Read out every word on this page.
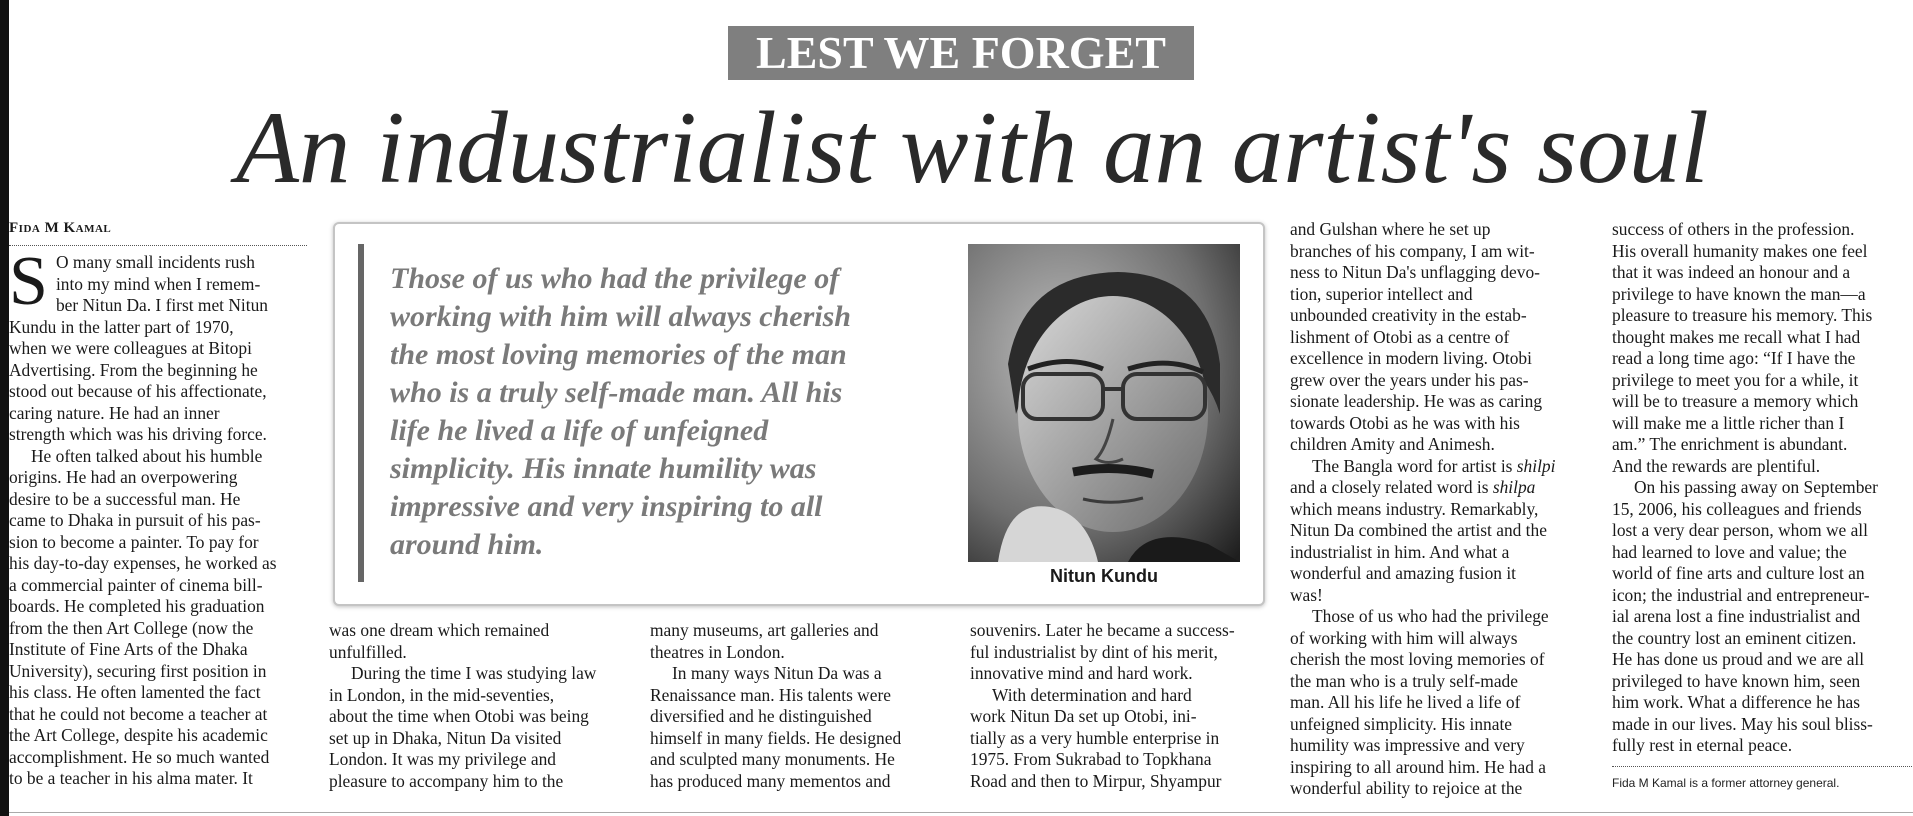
LEST WE FORGET
An industrialist with an artist's soul
Fida M Kamal
S O many small incidents rush
into my mind when I remem-
ber Nitun Da. I first met Nitun
Kundu in the latter part of 1970,
when we were colleagues at Bitopi
Advertising. From the beginning he
stood out because of his affectionate,
caring nature. He had an inner
strength which was his driving force.
He often talked about his humble
origins. He had an overpowering
desire to be a successful man. He
came to Dhaka in pursuit of his pas-
sion to become a painter. To pay for
his day-to-day expenses, he worked as
a commercial painter of cinema bill-
boards. He completed his graduation
from the then Art College (now the
Institute of Fine Arts of the Dhaka
University), securing first position in
his class. He often lamented the fact
that he could not become a teacher at
the Art College, despite his academic
accomplishment. He so much wanted
to be a teacher in his alma mater. It
Those of us who had the privilege of
working with him will always cherish
the most loving memories of the man
who is a truly self-made man. All his
life he lived a life of unfeigned
simplicity. His innate humility was
impressive and very inspiring to all
around him.
Nitun Kundu
was one dream which remained
unfulfilled.
During the time I was studying law
in London, in the mid-seventies,
about the time when Otobi was being
set up in Dhaka, Nitun Da visited
London. It was my privilege and
pleasure to accompany him to the
many museums, art galleries and
theatres in London.
In many ways Nitun Da was a
Renaissance man. His talents were
diversified and he distinguished
himself in many fields. He designed
and sculpted many monuments. He
has produced many mementos and
souvenirs. Later he became a success-
ful industrialist by dint of his merit,
innovative mind and hard work.
With determination and hard
work Nitun Da set up Otobi, ini-
tially as a very humble enterprise in
1975. From Sukrabad to Topkhana
Road and then to Mirpur, Shyampur
and Gulshan where he set up
branches of his company, I am wit-
ness to Nitun Da's unflagging devo-
tion, superior intellect and
unbounded creativity in the estab-
lishment of Otobi as a centre of
excellence in modern living. Otobi
grew over the years under his pas-
sionate leadership. He was as caring
towards Otobi as he was with his
children Amity and Animesh.

The Bangla word for artist is shilpi

and a closely related word is shilpa

which means industry. Remarkably,
Nitun Da combined the artist and the
industrialist in him. And what a
wonderful and amazing fusion it
was!
Those of us who had the privilege
of working with him will always
cherish the most loving memories of
the man who is a truly self-made
man. All his life he lived a life of
unfeigned simplicity. His innate
humility was impressive and very
inspiring to all around him. He had a
wonderful ability to rejoice at the
success of others in the profession.
His overall humanity makes one feel
that it was indeed an honour and a
privilege to have known the man—a
pleasure to treasure his memory. This
thought makes me recall what I had
read a long time ago: “If I have the
privilege to meet you for a while, it
will be to treasure a memory which
will make me a little richer than I
am.” The enrichment is abundant.
And the rewards are plentiful.
On his passing away on September
15, 2006, his colleagues and friends
lost a very dear person, whom we all
had learned to love and value; the
world of fine arts and culture lost an
icon; the industrial and entrepreneur-
ial arena lost a fine industrialist and
the country lost an eminent citizen.
He has done us proud and we are all
privileged to have known him, seen
him work. What a difference he has
made in our lives. May his soul bliss-
fully rest in eternal peace.
Fida M Kamal is a former attorney general.
